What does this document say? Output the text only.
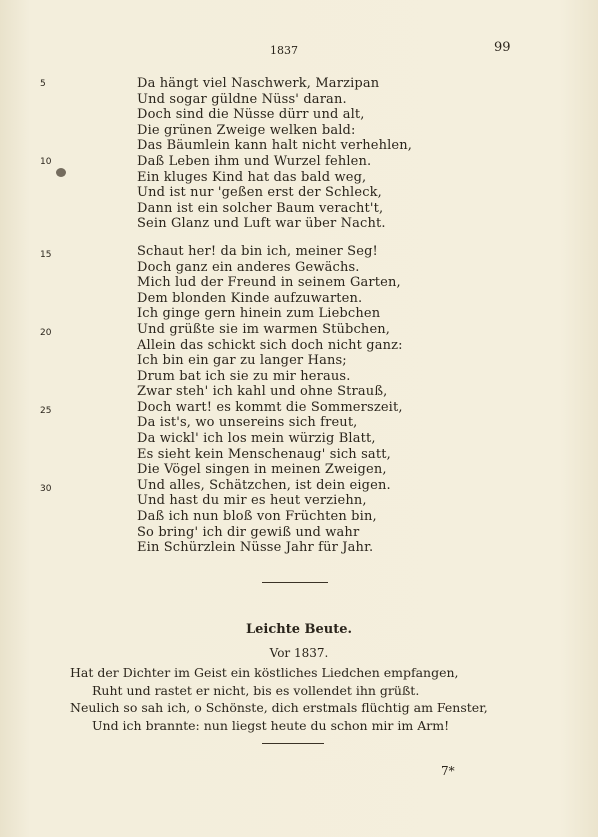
1837	99
5
10
15
20
25
30
Da hängt viel Naschwerk, Marzipan
Und sogar güldne Nüss' daran.
Doch sind die Nüsse dürr und alt,
Die grünen Zweige welken bald:
Das Bäumlein kann halt nicht verhehlen,
Daß Leben ihm und Wurzel fehlen.
Ein kluges Kind hat das bald weg,
Und ist nur 'geßen erst der Schleck,
Dann ist ein solcher Baum veracht't,
Sein Glanz und Luft war über Nacht.
Schaut her! da bin ich, meiner Seg!
Doch ganz ein anderes Gewächs.
Mich lud der Freund in seinem Garten,
Dem blonden Kinde aufzuwarten.
Ich ginge gern hinein zum Liebchen
Und grüßte sie im warmen Stübchen,
Allein das schickt sich doch nicht ganz:
Ich bin ein gar zu langer Hans;
Drum bat ich sie zu mir heraus.
Zwar steh' ich kahl und ohne Strauß,
Doch wart! es kommt die Sommerszeit,
Da ist's, wo unsereins sich freut,
Da wickl' ich los mein würzig Blatt,
Es sieht kein Menschenaug' sich satt,
Die Vögel singen in meinen Zweigen,
Und alles, Schätzchen, ist dein eigen.
Und hast du mir es heut verziehn,
Daß ich nun bloß von Früchten bin,
So bring' ich dir gewiß und wahr
Ein Schürzlein Nüsse Jahr für Jahr.
Leichte Beute.
Vor 1837.
Hat der Dichter im Geist ein köstliches Liedchen empfangen,
Ruht und rastet er nicht, bis es vollendet ihn grüßt.
Neulich so sah ich, o Schönste, dich erstmals flüchtig am Fenster,
Und ich brannte: nun liegst heute du schon mir im Arm!
7*
